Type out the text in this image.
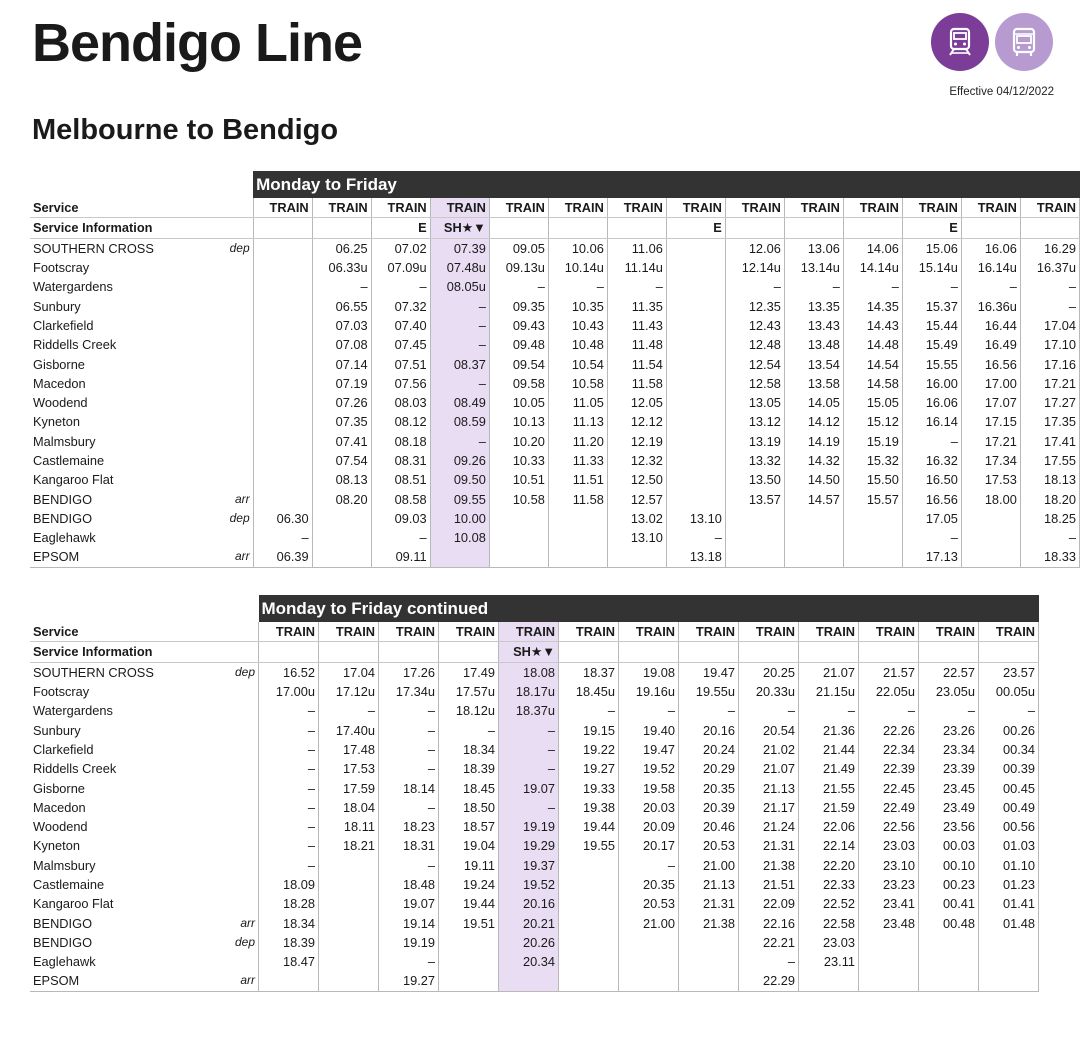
Bendigo Line
Effective 04/12/2022
Melbourne to Bendigo
		Monday to Friday													
Service		TRAIN	TRAIN	TRAIN	TRAIN	TRAIN	TRAIN	TRAIN	TRAIN	TRAIN	TRAIN	TRAIN	TRAIN	TRAIN	TRAIN
Service Information				E	SH★▼				E				E		
SOUTHERN CROSS	dep		06.25	07.02	07.39	09.05	10.06	11.06		12.06	13.06	14.06	15.06	16.06	16.29
Footscray			06.33u	07.09u	07.48u	09.13u	10.14u	11.14u		12.14u	13.14u	14.14u	15.14u	16.14u	16.37u
Watergardens			–	–	08.05u	–	–	–		–	–	–	–	–	–
Sunbury			06.55	07.32	–	09.35	10.35	11.35		12.35	13.35	14.35	15.37	16.36u	–
Clarkefield			07.03	07.40	–	09.43	10.43	11.43		12.43	13.43	14.43	15.44	16.44	17.04
Riddells Creek			07.08	07.45	–	09.48	10.48	11.48		12.48	13.48	14.48	15.49	16.49	17.10
Gisborne			07.14	07.51	08.37	09.54	10.54	11.54		12.54	13.54	14.54	15.55	16.56	17.16
Macedon			07.19	07.56	–	09.58	10.58	11.58		12.58	13.58	14.58	16.00	17.00	17.21
Woodend			07.26	08.03	08.49	10.05	11.05	12.05		13.05	14.05	15.05	16.06	17.07	17.27
Kyneton			07.35	08.12	08.59	10.13	11.13	12.12		13.12	14.12	15.12	16.14	17.15	17.35
Malmsbury			07.41	08.18	–	10.20	11.20	12.19		13.19	14.19	15.19	–	17.21	17.41
Castlemaine			07.54	08.31	09.26	10.33	11.33	12.32		13.32	14.32	15.32	16.32	17.34	17.55
Kangaroo Flat			08.13	08.51	09.50	10.51	11.51	12.50		13.50	14.50	15.50	16.50	17.53	18.13
BENDIGO	arr		08.20	08.58	09.55	10.58	11.58	12.57		13.57	14.57	15.57	16.56	18.00	18.20
BENDIGO	dep	06.30		09.03	10.00			13.02	13.10				17.05		18.25
Eaglehawk		–		–	10.08			13.10	–				–		–
EPSOM	arr	06.39		09.11					13.18				17.13		18.33
		Monday to Friday continued												
Service		TRAIN	TRAIN	TRAIN	TRAIN	TRAIN	TRAIN	TRAIN	TRAIN	TRAIN	TRAIN	TRAIN	TRAIN	TRAIN
Service Information						SH★▼								
SOUTHERN CROSS	dep	16.52	17.04	17.26	17.49	18.08	18.37	19.08	19.47	20.25	21.07	21.57	22.57	23.57
Footscray		17.00u	17.12u	17.34u	17.57u	18.17u	18.45u	19.16u	19.55u	20.33u	21.15u	22.05u	23.05u	00.05u
Watergardens		–	–	–	18.12u	18.37u	–	–	–	–	–	–	–	–
Sunbury		–	17.40u	–	–	–	19.15	19.40	20.16	20.54	21.36	22.26	23.26	00.26
Clarkefield		–	17.48	–	18.34	–	19.22	19.47	20.24	21.02	21.44	22.34	23.34	00.34
Riddells Creek		–	17.53	–	18.39	–	19.27	19.52	20.29	21.07	21.49	22.39	23.39	00.39
Gisborne		–	17.59	18.14	18.45	19.07	19.33	19.58	20.35	21.13	21.55	22.45	23.45	00.45
Macedon		–	18.04	–	18.50	–	19.38	20.03	20.39	21.17	21.59	22.49	23.49	00.49
Woodend		–	18.11	18.23	18.57	19.19	19.44	20.09	20.46	21.24	22.06	22.56	23.56	00.56
Kyneton		–	18.21	18.31	19.04	19.29	19.55	20.17	20.53	21.31	22.14	23.03	00.03	01.03
Malmsbury		–		–	19.11	19.37		–	21.00	21.38	22.20	23.10	00.10	01.10
Castlemaine		18.09		18.48	19.24	19.52		20.35	21.13	21.51	22.33	23.23	00.23	01.23
Kangaroo Flat		18.28		19.07	19.44	20.16		20.53	21.31	22.09	22.52	23.41	00.41	01.41
BENDIGO	arr	18.34		19.14	19.51	20.21		21.00	21.38	22.16	22.58	23.48	00.48	01.48
BENDIGO	dep	18.39		19.19		20.26				22.21	23.03			
Eaglehawk		18.47		–		20.34				–	23.11			
EPSOM	arr			19.27						22.29				
